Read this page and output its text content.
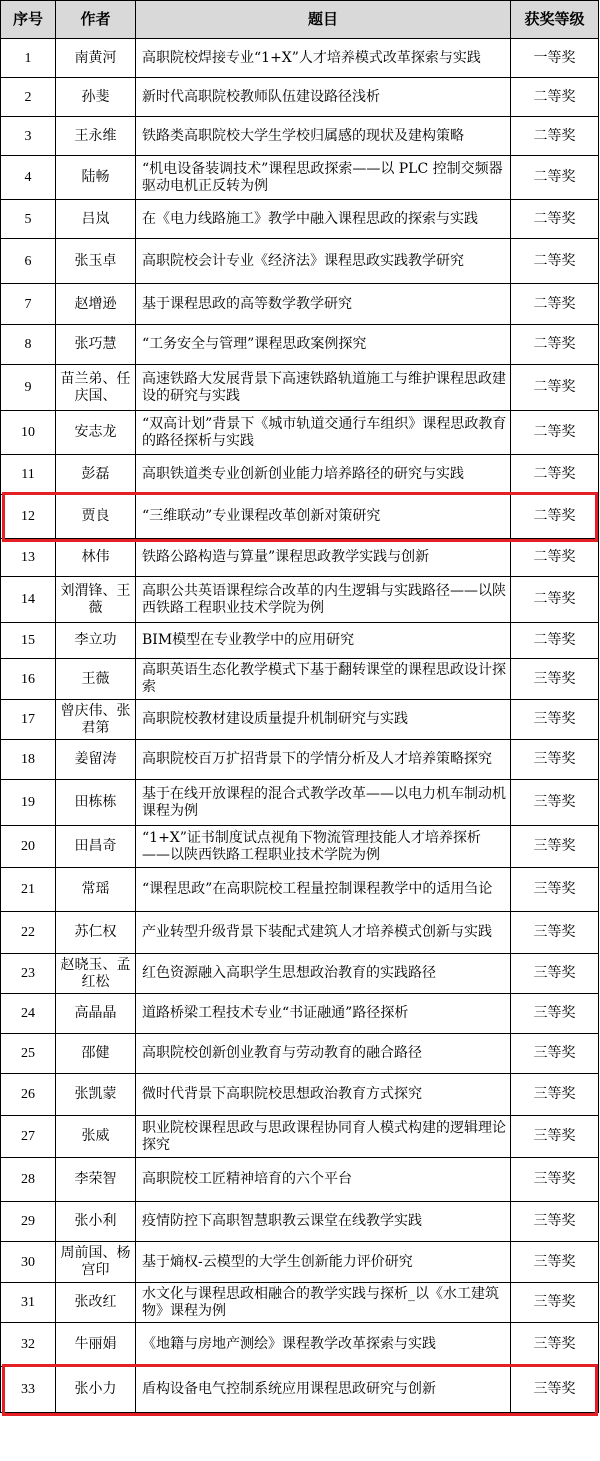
序号	作者	题目	获奖等级
1	南黄河	高职院校焊接专业“1+X”人才培养模式改革探索与实践	一等奖
2	孙斐	新时代高职院校教师队伍建设路径浅析	二等奖
3	王永维	铁路类高职院校大学生学校归属感的现状及建构策略	二等奖
4	陆畅	“机电设备装调技术”课程思政探索——以 PLC 控制交频器驱动电机正反转为例	二等奖
5	吕岚	在《电力线路施工》教学中融入课程思政的探索与实践	二等奖
6	张玉卓	高职院校会计专业《经济法》课程思政实践教学研究	二等奖
7	赵增逊	基于课程思政的高等数学教学研究	二等奖
8	张巧慧	“工务安全与管理”课程思政案例探究	二等奖
9	苗兰弟、任庆国、	高速铁路大发展背景下高速铁路轨道施工与维护课程思政建设的研究与实践	二等奖
10	安志龙	“双高计划”背景下《城市轨道交通行车组织》课程思政教育的路径探析与实践	二等奖
11	彭磊	高职铁道类专业创新创业能力培养路径的研究与实践	二等奖
12	贾良	“三维联动”专业课程改革创新对策研究	二等奖
13	林伟	铁路公路构造与算量”课程思政教学实践与创新	二等奖
14	刘渭锋、王薇	高职公共英语课程综合改革的内生逻辑与实践路径——以陕西铁路工程职业技术学院为例	二等奖
15	李立功	BIM模型在专业教学中的应用研究	二等奖
16	王薇	高职英语生态化教学模式下基于翻转课堂的课程思政设计探索	三等奖
17	曾庆伟、张君第	高职院校教材建设质量提升机制研究与实践	三等奖
18	姜留涛	高职院校百万扩招背景下的学情分析及人才培养策略探究	三等奖
19	田栋栋	基于在线开放课程的混合式教学改革——以电力机车制动机课程为例	三等奖
20	田昌奇	“1+X”证书制度试点视角下物流管理技能人才培养探析——以陕西铁路工程职业技术学院为例	三等奖
21	常瑶	“课程思政”在高职院校工程量控制课程教学中的适用刍论	三等奖
22	苏仁权	产业转型升级背景下装配式建筑人才培养模式创新与实践	三等奖
23	赵晓玉、孟红松	红色资源融入高职学生思想政治教育的实践路径	三等奖
24	高晶晶	道路桥梁工程技术专业“书证融通”路径探析	三等奖
25	邵健	高职院校创新创业教育与劳动教育的融合路径	三等奖
26	张凯蒙	微时代背景下高职院校思想政治教育方式探究	三等奖
27	张威	职业院校课程思政与思政课程协同育人模式构建的逻辑理论探究	三等奖
28	李荣智	高职院校工匠精神培育的六个平台	三等奖
29	张小利	疫情防控下高职智慧职教云课堂在线教学实践	三等奖
30	周前国、杨宫印	基于熵权-云模型的大学生创新能力评价研究	三等奖
31	张改红	水文化与课程思政相融合的教学实践与探析_以《水工建筑物》课程为例	三等奖
32	牛丽娟	《地籍与房地产测绘》课程教学改革探索与实践	三等奖
33	张小力	盾构设备电气控制系统应用课程思政研究与创新	三等奖
